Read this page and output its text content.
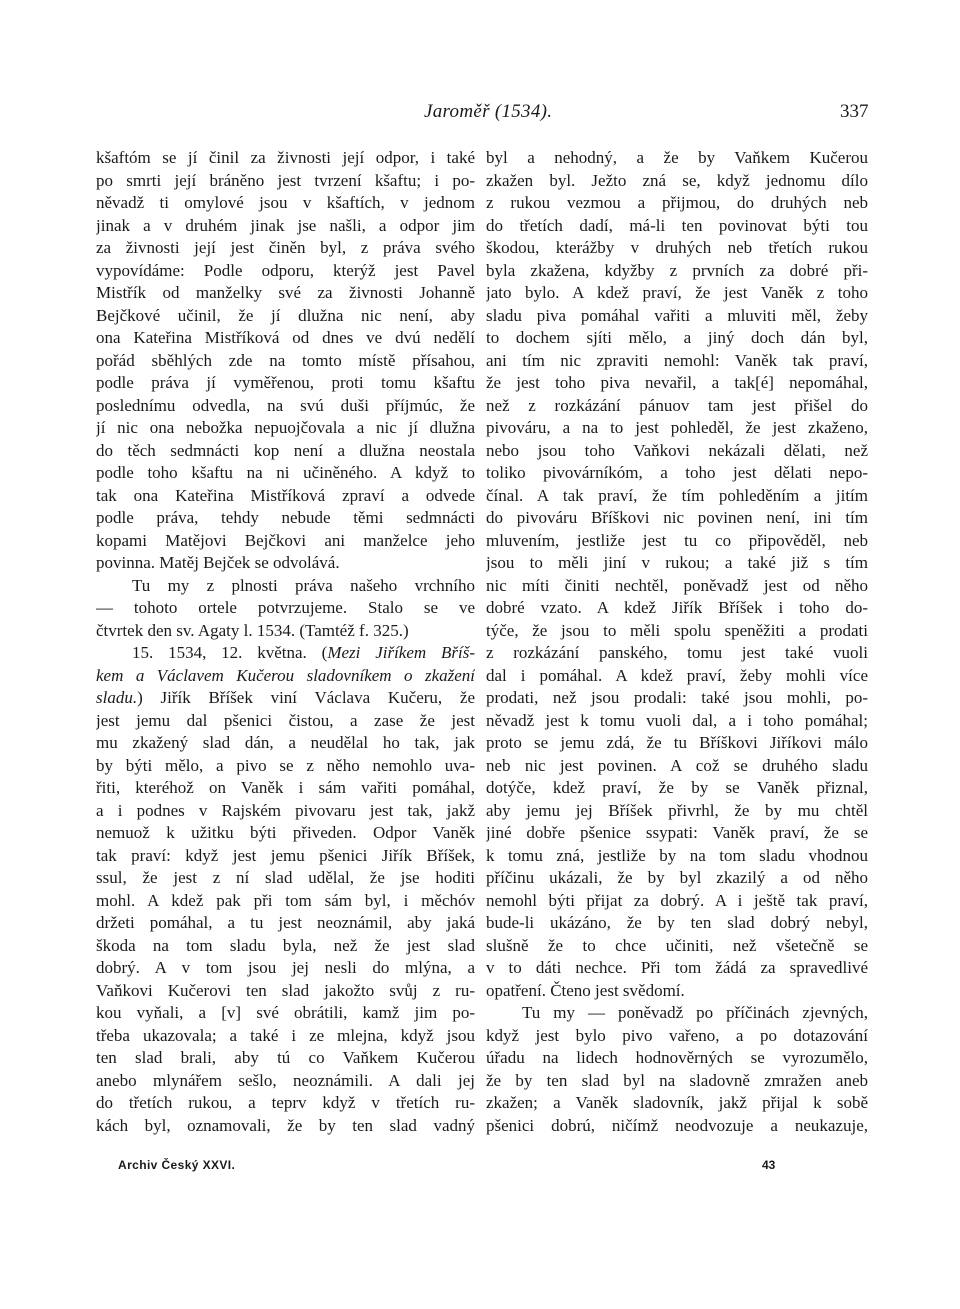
Jaroměř (1534).	337
kšaftóm se jí činil za živnosti její odpor, i také
po smrti její bráněno jest tvrzení kšaftu; i po-
něvadž ti omylové jsou v kšaftích, v jednom
jinak a v druhém jinak jse našli, a odpor jim
za živnosti její jest činěn byl, z práva svého
vypovídáme: Podle odporu, kterýž jest Pavel
Mistřík od manželky své za živnosti Johanně
Bejčkové učinil, že jí dlužna nic není, aby
ona Kateřina Mistříková od dnes ve dvú nedělí
pořád sběhlých zde na tomto místě přísahou,
podle práva jí vyměřenou, proti tomu kšaftu
poslednímu odvedla, na svú duši příjmúc, že
jí nic ona nebožka nepuojčovala a nic jí dlužna
do těch sedmnácti kop není a dlužna neostala
podle toho kšaftu na ni učiněného. A když to
tak ona Kateřina Mistříková zpraví a odvede
podle práva, tehdy nebude těmi sedmnácti
kopami Matějovi Bejčkovi ani manželce jeho
povinna. Matěj Bejček se odvolává.
Tu my z plnosti práva našeho vrchního
— tohoto ortele potvrzujeme. Stalo se ve
čtvrtek den sv. Agaty l. 1534. (Tamtéž f. 325.)
15. 1534, 12. května. (Mezi Jiříkem Bříš-
kem a Václavem Kučerou sladovníkem o zkažení
sladu.) Jiřík Bříšek viní Václava Kučeru, že
jest jemu dal pšenici čistou, a zase že jest
mu zkažený slad dán, a neudělal ho tak, jak
by býti mělo, a pivo se z něho nemohlo uva-
řiti, kteréhož on Vaněk i sám vařiti pomáhal,
a i podnes v Rajském pivovaru jest tak, jakž
nemuož k užitku býti přiveden. Odpor Vaněk
tak praví: když jest jemu pšenici Jiřík Bříšek,
ssul, že jest z ní slad udělal, že jse hoditi
mohl. A kdež pak při tom sám byl, i měchóv
držeti pomáhal, a tu jest neoznámil, aby jaká
škoda na tom sladu byla, než že jest slad
dobrý. A v tom jsou jej nesli do mlýna, a
Vaňkovi Kučerovi ten slad jakožto svůj z ru-
kou vyňali, a [v] své obrátili, kamž jim po-
třeba ukazovala; a také i ze mlejna, když jsou
ten slad brali, aby tú co Vaňkem Kučerou
anebo mlynářem sešlo, neoznámili. A dali jej
do třetích rukou, a teprv když v třetích ru-
kách byl, oznamovali, že by ten slad vadný
byl a nehodný, a že by Vaňkem Kučerou
zkažen byl. Ježto zná se, když jednomu dílo
z rukou vezmou a přijmou, do druhých neb
do třetích dadí, má-li ten povinovat býti tou
škodou, kterážby v druhých neb třetích rukou
byla zkažena, kdyžby z prvních za dobré při-
jato bylo. A kdež praví, že jest Vaněk z toho
sladu piva pomáhal vařiti a mluviti měl, žeby
to dochem sjíti mělo, a jiný doch dán byl,
ani tím nic zpraviti nemohl: Vaněk tak praví,
že jest toho piva nevařil, a tak[é] nepomáhal,
než z rozkázání pánuov tam jest přišel do
pivováru, a na to jest pohleděl, že jest zkaženo,
nebo jsou toho Vaňkovi nekázali dělati, než
toliko pivovárníkóm, a toho jest dělati nepo-
čínal. A tak praví, že tím pohleděním a jitím
do pivováru Bříškovi nic povinen není, ini tím
mluvením, jestliže jest tu co připověděl, neb
jsou to měli jiní v rukou; a také již s tím
nic míti činiti nechtěl, poněvadž jest od něho
dobré vzato. A kdež Jiřík Bříšek i toho do-
týče, že jsou to měli spolu speněžiti a prodati
z rozkázání panského, tomu jest také vuoli
dal i pomáhal. A kdež praví, žeby mohli více
prodati, než jsou prodali: také jsou mohli, po-
něvadž jest k tomu vuoli dal, a i toho pomáhal;
proto se jemu zdá, že tu Bříškovi Jiříkovi málo
neb nic jest povinen. A což se druhého sladu
dotýče, kdež praví, že by se Vaněk přiznal,
aby jemu jej Bříšek přivrhl, že by mu chtěl
jiné dobře pšenice ssypati: Vaněk praví, že se
k tomu zná, jestliže by na tom sladu vhodnou
příčinu ukázali, že by byl zkazilý a od něho
nemohl býti přijat za dobrý. A i ještě tak praví,
bude-li ukázáno, že by ten slad dobrý nebyl,
slušně že to chce učiniti, než všetečně se
v to dáti nechce. Při tom žádá za spravedlivé
opatření. Čteno jest svědomí.
Tu my — poněvadž po příčinách zjevných,
když jest bylo pivo vařeno, a po dotazování
úřadu na lidech hodnověrných se vyrozumělo,
že by ten slad byl na sladovně zmražen aneb
zkažen; a Vaněk sladovník, jakž přijal k sobě
pšenici dobrú, ničímž neodvozuje a neukazuje,
Archiv Český XXVI.	43
